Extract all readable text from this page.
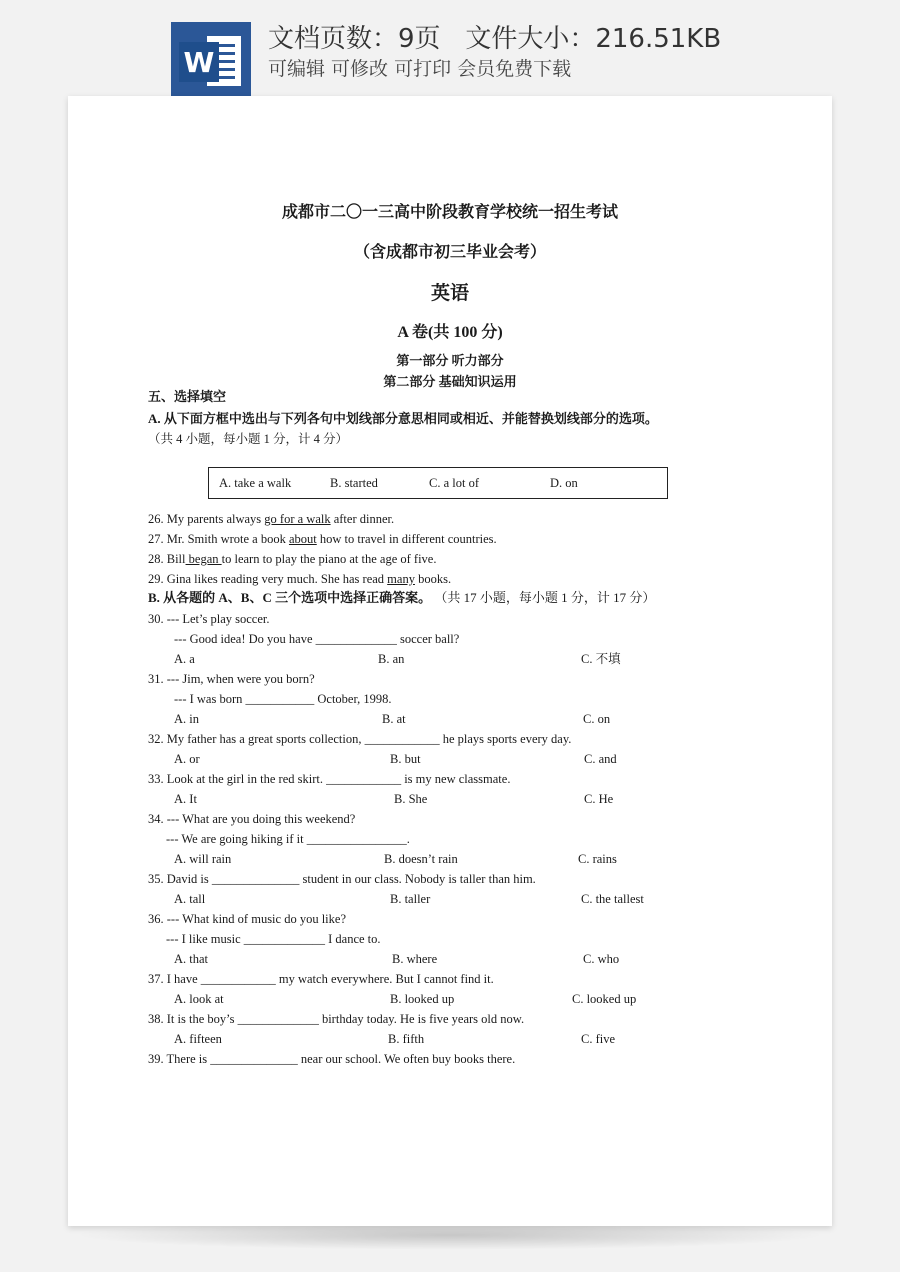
W
文档页数：9页   文件大小：216.51KB
可编辑 可修改 可打印 会员免费下载
成都市二〇一三高中阶段教育学校统一招生考试
（含成都市初三毕业会考）
英语
A 卷(共 100 分)
第一部分 听力部分
第二部分 基础知识运用
五、选择填空
A. 从下面方框中选出与下列各句中划线部分意思相同或相近、并能替换划线部分的选项。
（共 4 小题，每小题 1 分，计 4 分）
A. take a walk	B. started	C. a lot of	D. on
26. My parents always go for a walk after dinner.
27. Mr. Smith wrote a book about how to travel in different countries.
28. Bill began to learn to play the piano at the age of five.
29. Gina likes reading very much. She has read many books.
B. 从各题的 A、B、C 三个选项中选择正确答案。 （共 17 小题，每小题 1 分，计 17 分）
30. --- Let’s play soccer.
--- Good idea! Do you have _____________ soccer ball?
A. a	B. an	C. 不填
31. --- Jim, when were you born?
--- I was born ___________ October, 1998.
A. in	B. at	C. on
32. My father has a great sports collection, ____________ he plays sports every day.
A. or	B. but	C. and
33. Look at the girl in the red skirt. ____________ is my new classmate.
A. It	B. She	C. He
34. --- What are you doing this weekend?
--- We are going hiking if it ________________.
A. will rain	B. doesn’t rain	C. rains
35. David is ______________ student in our class. Nobody is taller than him.
A. tall	B. taller	C. the tallest
36. --- What kind of music do you like?
--- I like music _____________ I dance to.
A. that	B. where	C. who
37. I have ____________ my watch everywhere. But I cannot find it.
A. look at	B. looked up	C. looked up
38. It is the boy’s _____________ birthday today. He is five years old now.
A. fifteen	B. fifth	C. five
39. There is ______________ near our school. We often buy books there.
